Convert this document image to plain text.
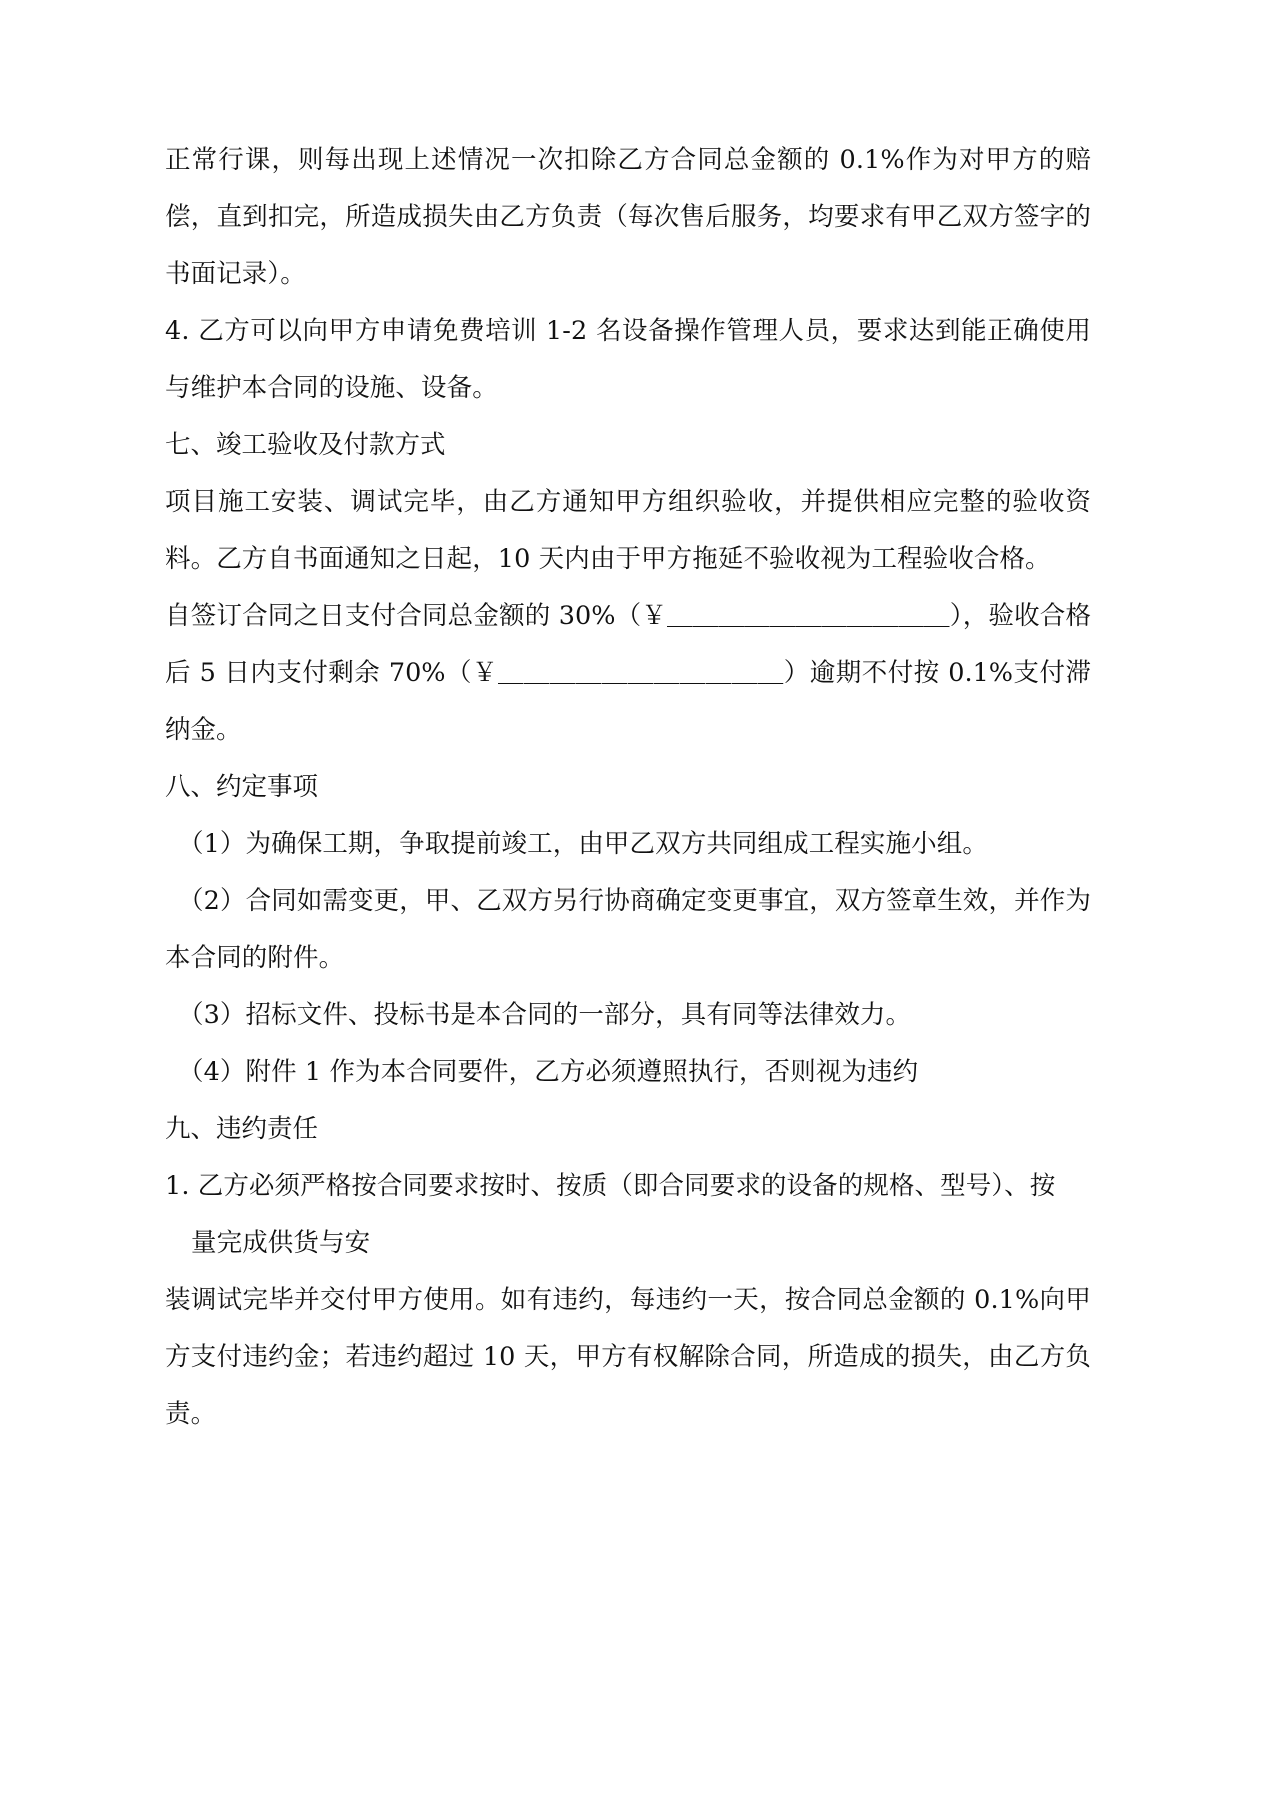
正常行课，则每出现上述情况一次扣除乙方合同总金额的 0.1%作为对甲方的赔偿，直到扣完，所造成损失由乙方负责（每次售后服务，均要求有甲乙双方签字的书面记录）。

4. 乙方可以向甲方申请免费培训 1-2 名设备操作管理人员，要求达到能正确使用与维护本合同的设施、设备。

七、竣工验收及付款方式

项目施工安装、调试完毕，由乙方通知甲方组织验收，并提供相应完整的验收资料。乙方自书面通知之日起，10 天内由于甲方拖延不验收视为工程验收合格。

自签订合同之日支付合同总金额的 30%（￥＿＿＿＿＿＿＿＿＿＿＿），验收合格后 5 日内支付剩余 70%（￥＿＿＿＿＿＿＿＿＿＿＿）逾期不付按 0.1%支付滞纳金。

八、约定事项

（1）为确保工期，争取提前竣工，由甲乙双方共同组成工程实施小组。

（2）合同如需变更，甲、乙双方另行协商确定变更事宜，双方签章生效，并作为本合同的附件。

（3）招标文件、投标书是本合同的一部分，具有同等法律效力。

（4）附件 1 作为本合同要件，乙方必须遵照执行，否则视为违约

九、违约责任

1. 乙方必须严格按合同要求按时、按质（即合同要求的设备的规格、型号）、按

量完成供货与安

装调试完毕并交付甲方使用。如有违约，每违约一天，按合同总金额的 0.1%向甲方支付违约金；若违约超过 10 天，甲方有权解除合同，所造成的损失，由乙方负责。
